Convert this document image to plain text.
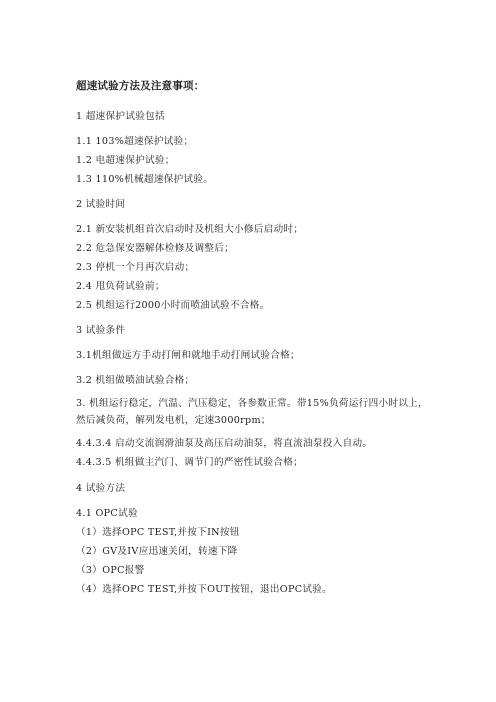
超速试验方法及注意事项：
1 超速保护试验包括
1.1 103%超速保护试验；
1.2 电超速保护试验；
1.3 110%机械超速保护试验。
2 试验时间
2.1 新安装机组首次启动时及机组大小修后启动时；
2.2 危急保安器解体检修及调整后；
2.3 停机一个月再次启动；
2.4 甩负荷试验前；
2.5 机组运行2000小时而喷油试验不合格。
3 试验条件
3.1机组做远方手动打闸和就地手动打闸试验合格；
3.2 机组做喷油试验合格；
3. 机组运行稳定，汽温、汽压稳定，各参数正常。带15%负荷运行四小时以上，然后减负荷，解列发电机，定速3000rpm；
4.4.3.4 启动交流润滑油泵及高压启动油泵，将直流油泵投入自动。
4.4.3.5 机组做主汽门、调节门的严密性试验合格；
4 试验方法
4.1 OPC试验
（1）选择OPC TEST,并按下IN按钮
（2）GV及IV应迅速关闭，转速下降
（3）OPC报警
（4）选择OPC TEST,并按下OUT按钮，退出OPC试验。
